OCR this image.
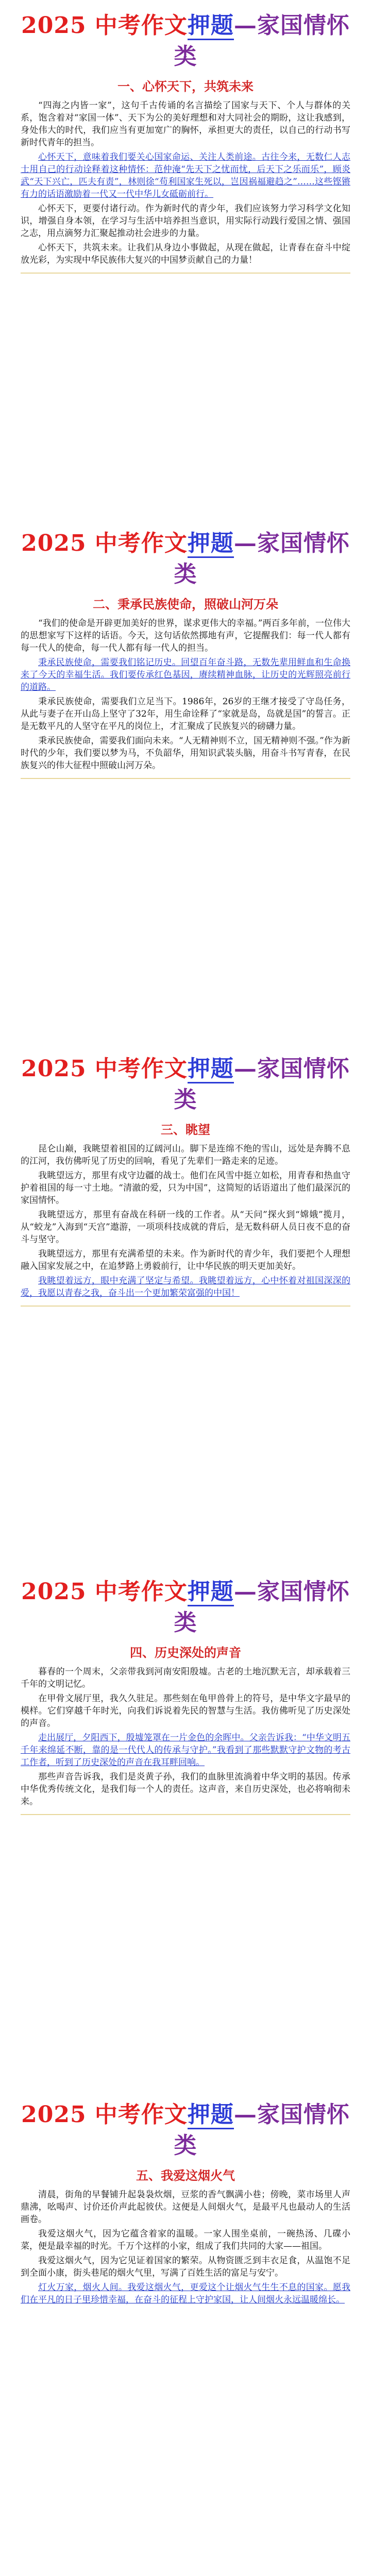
2025 中考作文押题—家国情怀类
一、心怀天下，共筑未来

“四海之内皆一家”，这句千古传诵的名言描绘了国家与天下、个人与群体的关系，饱含着对“家国一体”、天下为公的美好理想和对大同社会的期盼，这让我感到，身处伟大的时代，我们应当有更加宽广的胸怀，承担更大的责任，以自己的行动书写新时代青年的担当。

心怀天下，意味着我们要关心国家命运、关注人类前途。古往今来，无数仁人志士用自己的行动诠释着这种情怀：范仲淹“先天下之忧而忧，后天下之乐而乐”，顾炎武“天下兴亡，匹夫有责”，林则徐“苟利国家生死以，岂因祸福避趋之”……这些铿锵有力的话语激励着一代又一代中华儿女砥砺前行。

心怀天下，更要付诸行动。作为新时代的青少年，我们应该努力学习科学文化知识，增强自身本领，在学习与生活中培养担当意识，用实际行动践行爱国之情、强国之志，用点滴努力汇聚起推动社会进步的力量。

心怀天下，共筑未来。让我们从身边小事做起，从现在做起，让青春在奋斗中绽放光彩，为实现中华民族伟大复兴的中国梦贡献自己的力量！

2025 中考作文押题—家国情怀类
二、秉承民族使命，照破山河万朵

“我们的使命是开辟更加美好的世界，谋求更伟大的幸福。”两百多年前，一位伟大的思想家写下这样的话语。今天，这句话依然掷地有声，它提醒我们：每一代人都有每一代人的使命，每一代人都有每一代人的担当。

秉承民族使命，需要我们铭记历史。回望百年奋斗路，无数先辈用鲜血和生命换来了今天的幸福生活。我们要传承红色基因，赓续精神血脉，让历史的光辉照亮前行的道路。

秉承民族使命，需要我们立足当下。1986年，26岁的王继才接受了守岛任务，从此与妻子在开山岛上坚守了32年，用生命诠释了“家就是岛，岛就是国”的誓言。正是无数平凡的人坚守在平凡的岗位上，才汇聚成了民族复兴的磅礴力量。

秉承民族使命，需要我们面向未来。“人无精神则不立，国无精神则不强。”作为新时代的少年，我们要以梦为马，不负韶华，用知识武装头脑，用奋斗书写青春，在民族复兴的伟大征程中照破山河万朵。

2025 中考作文押题—家国情怀类
三、眺望

昆仑山巅，我眺望着祖国的辽阔河山。脚下是连绵不绝的雪山，远处是奔腾不息的江河，我仿佛听见了历史的回响，看见了先辈们一路走来的足迹。

我眺望远方，那里有戍守边疆的战士。他们在风雪中挺立如松，用青春和热血守护着祖国的每一寸土地。“清澈的爱，只为中国”，这简短的话语道出了他们最深沉的家国情怀。

我眺望远方，那里有奋战在科研一线的工作者。从“天问”探火到“嫦娥”揽月，从“蛟龙”入海到“天宫”遨游，一项项科技成就的背后，是无数科研人员日夜不息的奋斗与坚守。

我眺望远方，那里有充满希望的未来。作为新时代的青少年，我们要把个人理想融入国家发展之中，在追梦路上勇毅前行，让中华民族的明天更加美好。

我眺望着远方，眼中充满了坚定与希望。我眺望着远方，心中怀着对祖国深深的爱，我愿以青春之我，奋斗出一个更加繁荣富强的中国！

2025 中考作文押题—家国情怀类
四、历史深处的声音

暮春的一个周末，父亲带我到河南安阳殷墟。古老的土地沉默无言，却承载着三千年的文明记忆。

在甲骨文展厅里，我久久驻足。那些刻在龟甲兽骨上的符号，是中华文字最早的模样。它们穿越千年时光，向我们诉说着先民的智慧与生活。我仿佛听见了历史深处的声音。

走出展厅，夕阳西下，殷墟笼罩在一片金色的余晖中。父亲告诉我：“中华文明五千年来绵延不断，靠的是一代代人的传承与守护。”我看到了那些默默守护文物的考古工作者，听到了历史深处的声音在我耳畔回响。

那些声音告诉我，我们是炎黄子孙，我们的血脉里流淌着中华文明的基因。传承中华优秀传统文化，是我们每一个人的责任。这声音，来自历史深处，也必将响彻未来。

2025 中考作文押题—家国情怀类
五、我爱这烟火气

清晨，街角的早餐铺升起袅袅炊烟，豆浆的香气飘满小巷；傍晚，菜市场里人声鼎沸，吆喝声、讨价还价声此起彼伏。这便是人间烟火气，是最平凡也最动人的生活画卷。

我爱这烟火气，因为它蕴含着家的温暖。一家人围坐桌前，一碗热汤、几碟小菜，便是最幸福的时光。千万个这样的小家，组成了我们共同的大家——祖国。

我爱这烟火气，因为它见证着国家的繁荣。从物资匮乏到丰衣足食，从温饱不足到全面小康，街头巷尾的烟火气里，写满了百姓生活的富足与安宁。

灯火万家，烟火人间。我爱这烟火气，更爱这个让烟火气生生不息的国家。愿我们在平凡的日子里珍惜幸福，在奋斗的征程上守护家国，让人间烟火永远温暖绵长。
